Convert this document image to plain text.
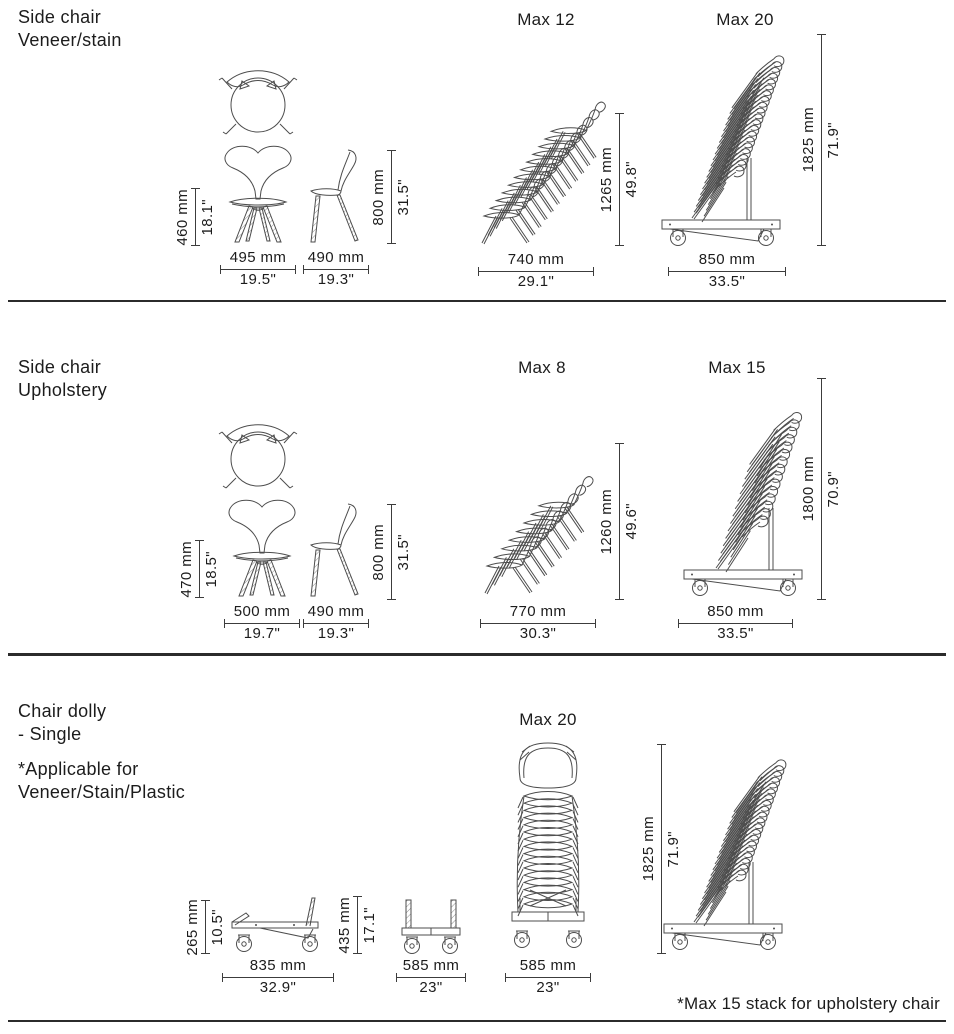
Side chair
Veneer/stain
Max 12	Max 20
460 mm 18.1"
495 mm
19.5"
490 mm
19.3"
800 mm 31.5"
740 mm
29.1"
1265 mm 49.8"
850 mm
33.5"
1825 mm 71.9"
Side chair
Upholstery
Max 8	Max 15
470 mm 18.5"
500 mm
19.7"
490 mm
19.3"
800 mm 31.5"
770 mm
30.3"
1260 mm 49.6"
850 mm
33.5"
1800 mm 70.9"
Chair dolly
- Single
*Applicable for
Veneer/Stain/Plastic
Max 20
265 mm 10.5"
835 mm
32.9"
435 mm 17.1"
585 mm
23"
585 mm
23"
1825 mm 71.9"
*Max 15 stack for upholstery chair
